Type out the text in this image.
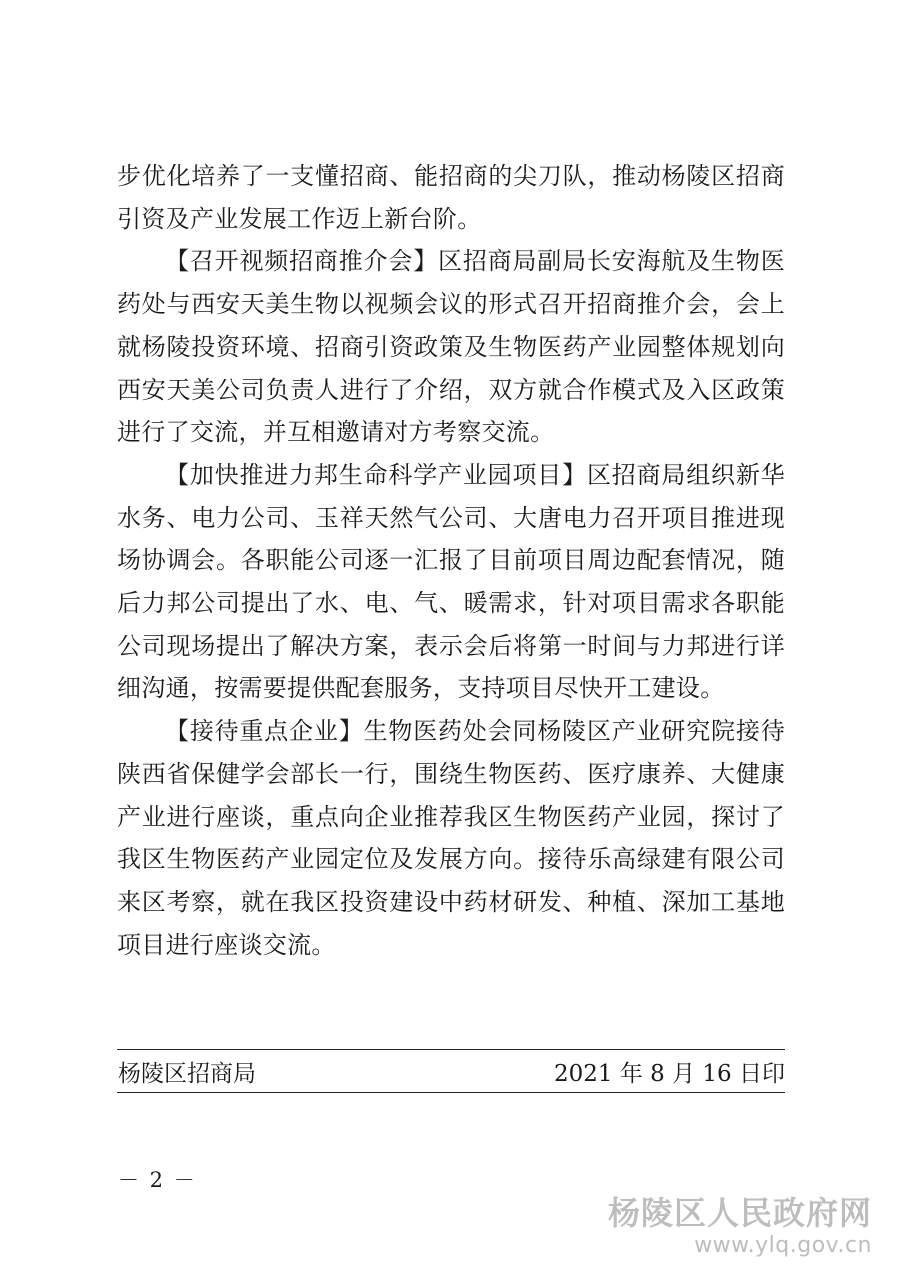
步优化培养了一支懂招商、能招商的尖刀队，推动杨陵区招商引资及产业发展工作迈上新台阶。

【召开视频招商推介会】区招商局副局长安海航及生物医药处与西安天美生物以视频会议的形式召开招商推介会，会上就杨陵投资环境、招商引资政策及生物医药产业园整体规划向西安天美公司负责人进行了介绍，双方就合作模式及入区政策进行了交流，并互相邀请对方考察交流。

【加快推进力邦生命科学产业园项目】区招商局组织新华水务、电力公司、玉祥天然气公司、大唐电力召开项目推进现场协调会。各职能公司逐一汇报了目前项目周边配套情况，随后力邦公司提出了水、电、气、暖需求，针对项目需求各职能公司现场提出了解决方案，表示会后将第一时间与力邦进行详细沟通，按需要提供配套服务，支持项目尽快开工建设。

【接待重点企业】生物医药处会同杨陵区产业研究院接待陕西省保健学会部长一行，围绕生物医药、医疗康养、大健康产业进行座谈，重点向企业推荐我区生物医药产业园，探讨了我区生物医药产业园定位及发展方向。接待乐高绿建有限公司来区考察，就在我区投资建设中药材研发、种植、深加工基地项目进行座谈交流。

杨陵区招商局	2021 年 8 月 16 日印
－ 2 －
杨陵区人民政府网
www.ylq.gov.cn
